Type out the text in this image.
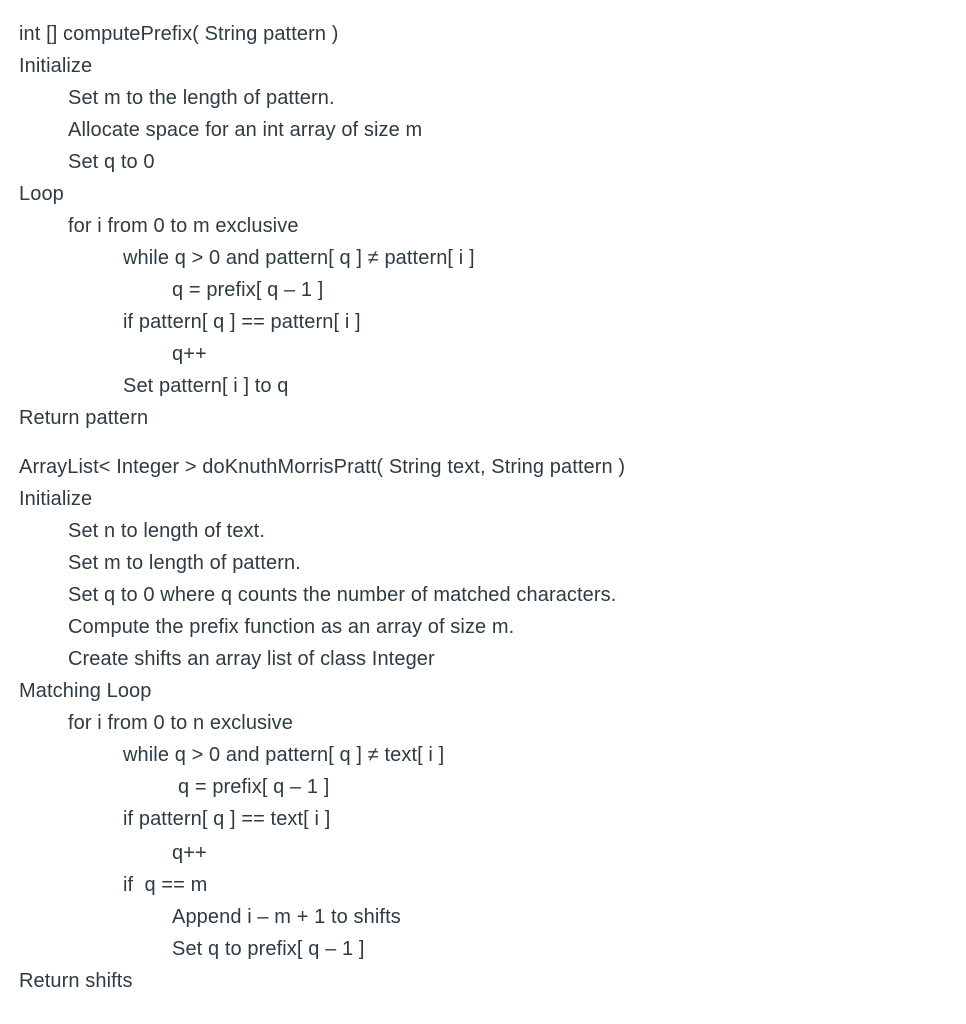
int [] computePrefix( String pattern )
Initialize
Set m to the length of pattern.
Allocate space for an int array of size m
Set q to 0
Loop
for i from 0 to m exclusive
while q > 0 and pattern[ q ] ≠ pattern[ i ]
q = prefix[ q – 1 ]
if pattern[ q ] == pattern[ i ]
q++
Set pattern[ i ] to q
Return pattern
ArrayList< Integer > doKnuthMorrisPratt( String text, String pattern )
Initialize
Set n to length of text.
Set m to length of pattern.
Set q to 0 where q counts the number of matched characters.
Compute the prefix function as an array of size m.
Create shifts an array list of class Integer
Matching Loop
for i from 0 to n exclusive
while q > 0 and pattern[ q ] ≠ text[ i ]
q = prefix[ q – 1 ]
if pattern[ q ] == text[ i ]
q++
if  q == m
Append i – m + 1 to shifts
Set q to prefix[ q – 1 ]
Return shifts
